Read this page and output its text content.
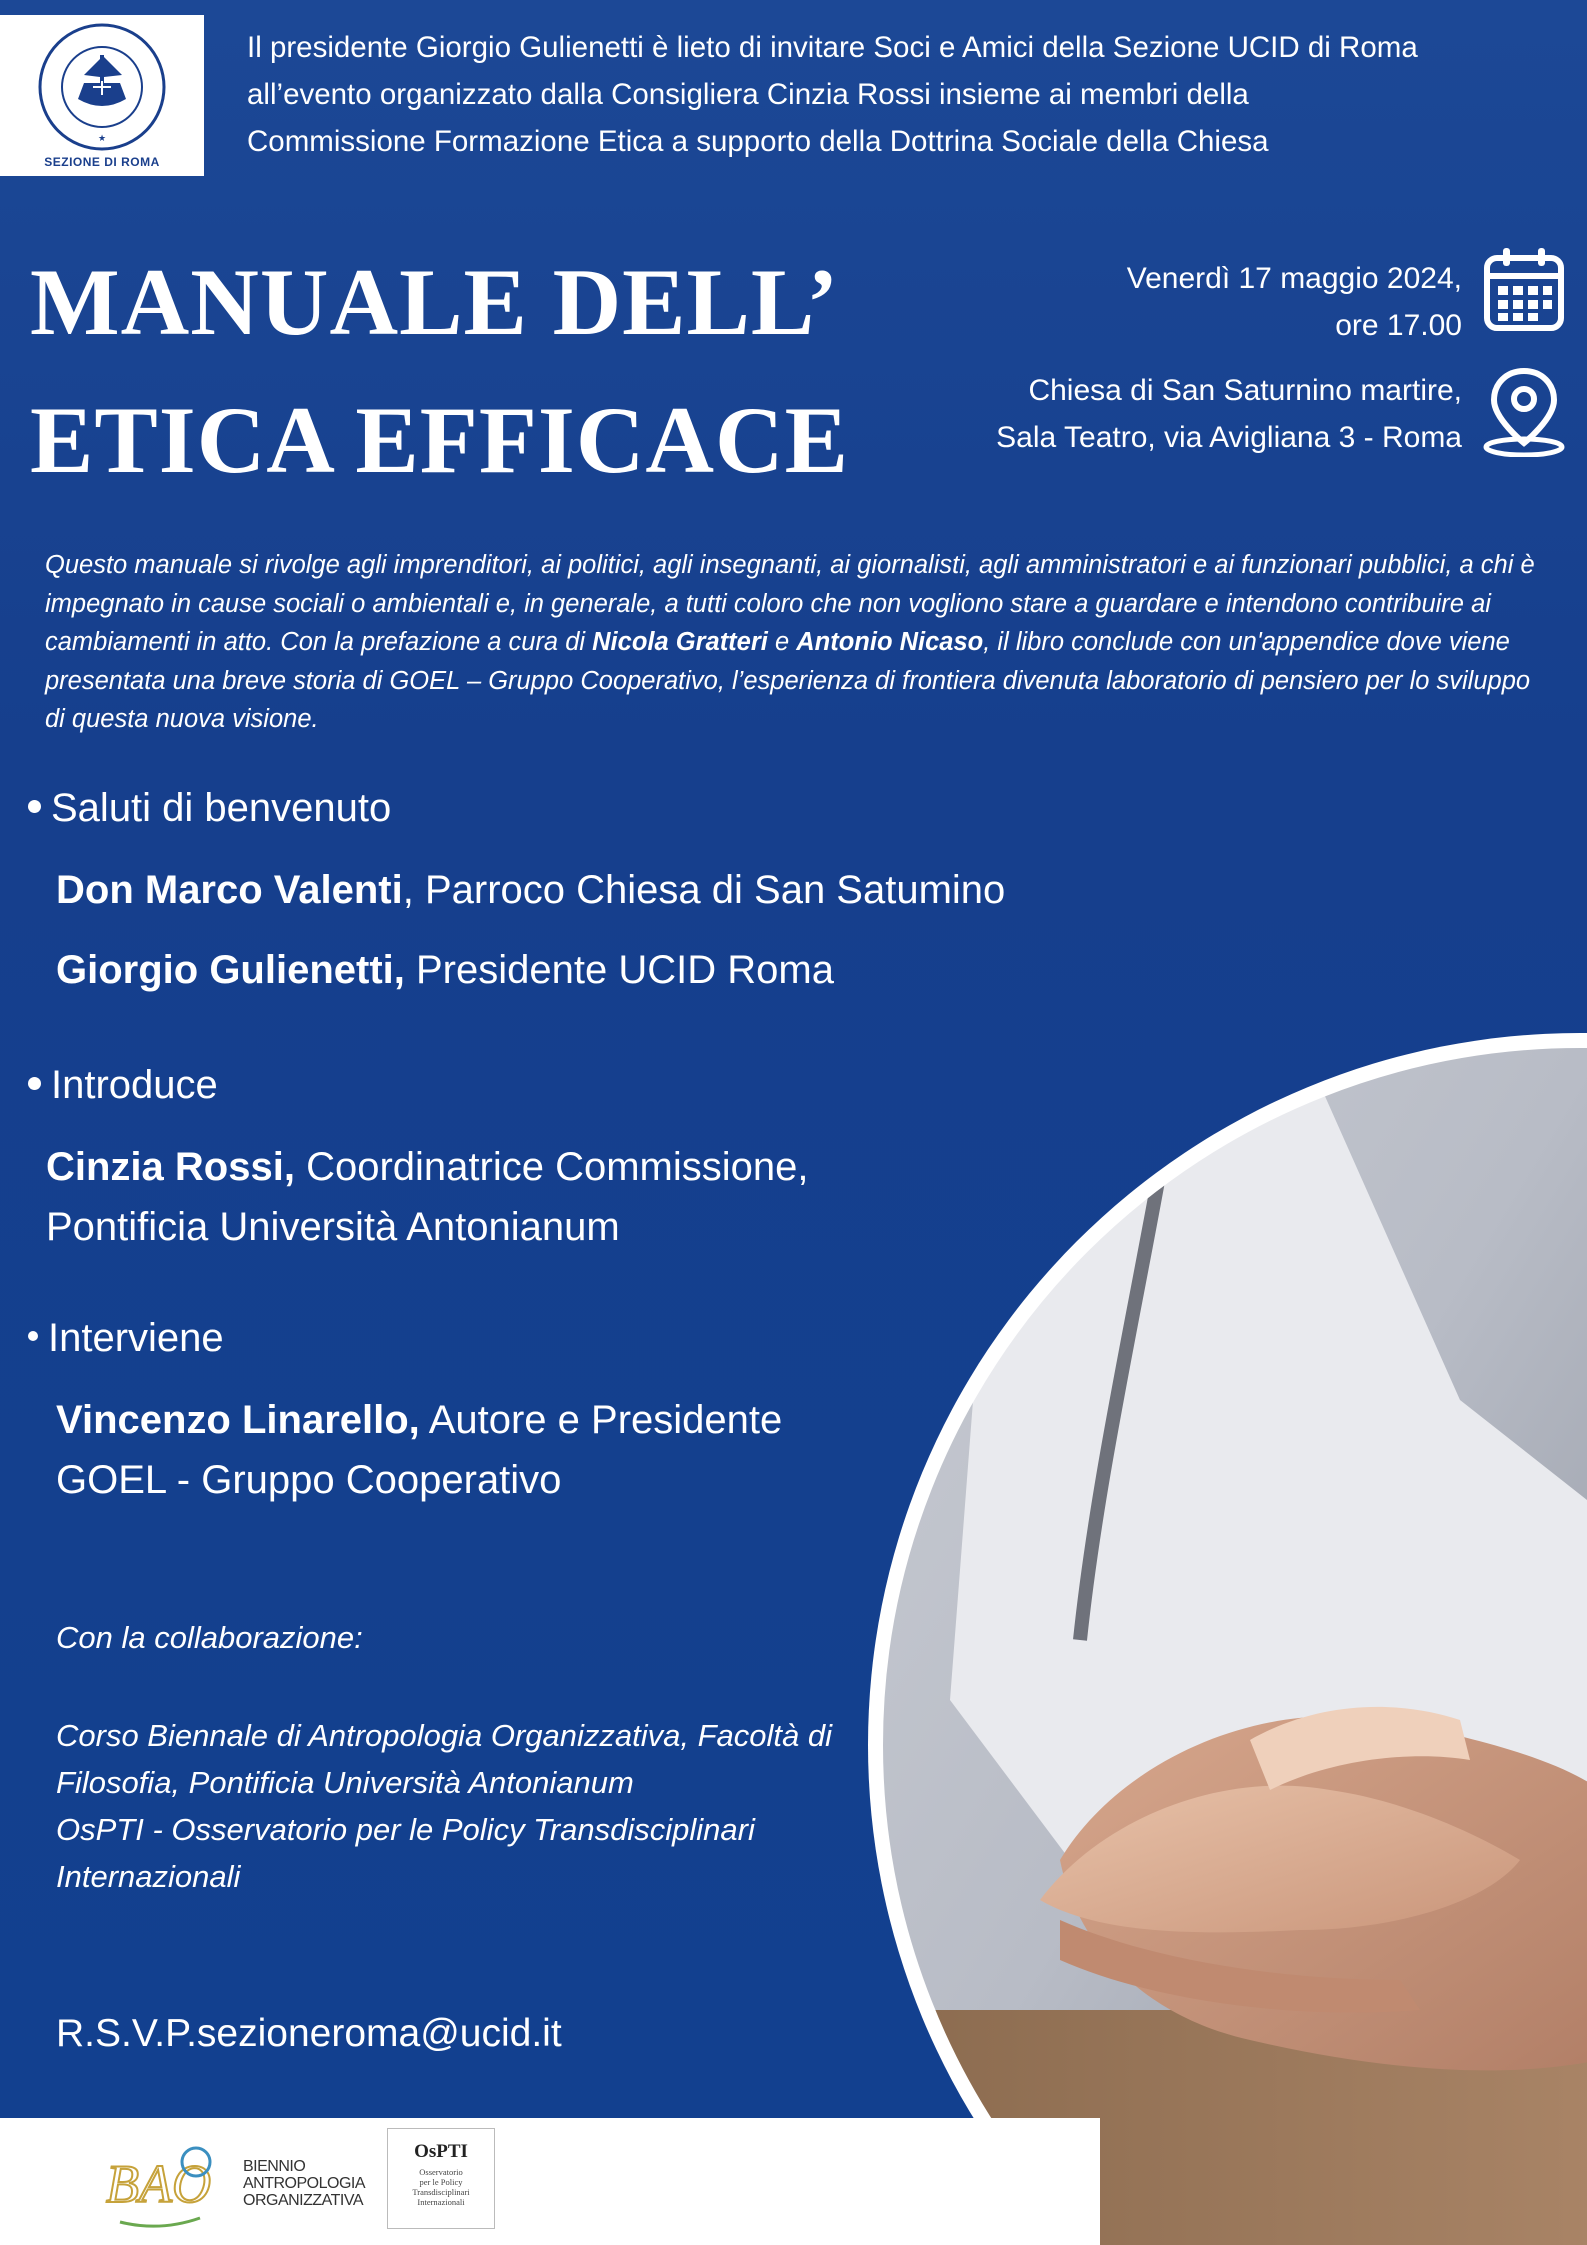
★
SEZIONE DI ROMA

Il presidente Giorgio Gulienetti è lieto di invitare Soci e Amici della Sezione UCID di Roma

all’evento organizzato dalla Consigliera Cinzia Rossi insieme ai membri della

Commissione Formazione Etica a supporto della Dottrina Sociale della Chiesa

MANUALE DELL’
ETICA EFFICACE
Venerdì 17 maggio 2024,
ore 17.00
Chiesa di San Saturnino martire,
Sala Teatro, via Avigliana 3 - Roma
Questo manuale si rivolge agli imprenditori, ai politici, agli insegnanti, ai giornalisti, agli amministratori e ai funzionari pubblici, a chi è impegnato in cause sociali o ambientali e, in generale, a tutti coloro che non vogliono stare a guardare e intendono contribuire ai cambiamenti in atto. Con la prefazione a cura di Nicola Gratteri e Antonio Nicaso, il libro conclude con un'appendice dove viene presentata una breve storia di GOEL – Gruppo Cooperativo, l’esperienza di frontiera divenuta laboratorio di pensiero per lo sviluppo di questa nuova visione.
Saluti di benvenuto
Don Marco Valenti, Parroco Chiesa di San Satumino
Giorgio Gulienetti, Presidente UCID Roma
Introduce
Cinzia Rossi, Coordinatrice Commissione,
Pontificia Università Antonianum
Interviene
Vincenzo Linarello, Autore e Presidente
GOEL - Gruppo Cooperativo
Con la collaborazione:
Corso Biennale di Antropologia Organizzativa, Facoltà di
Filosofia, Pontificia Università Antonianum
OsPTI - Osservatorio per le Policy Transdisciplinari
Internazionali
R.S.V.P.sezioneroma@ucid.it
BAO BIENNIO
ANTROPOLOGIA
ORGANIZZATIVA
OsPTI
Osservatorio
per le Policy
Transdisciplinari
Internazionali
